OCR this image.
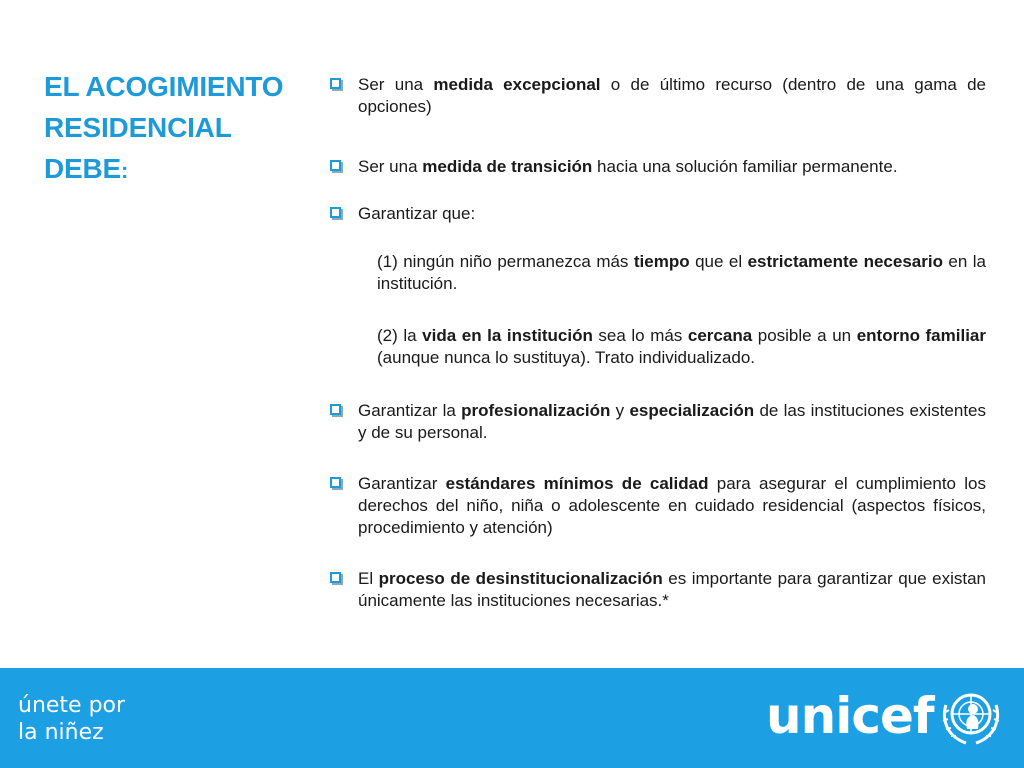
EL ACOGIMIENTO
RESIDENCIAL
DEBE:
Ser una medida excepcional o de último recurso (dentro de una gama de opciones)
Ser una medida de transición hacia una solución familiar permanente.
Garantizar que:
(1) ningún niño permanezca más tiempo que el estrictamente necesario en la institución.
(2) la vida en la institución sea lo más cercana posible a un entorno familiar (aunque nunca lo sustituya). Trato individualizado.
Garantizar la profesionalización y especialización de las instituciones existentes y de su personal.
Garantizar estándares mínimos de calidad para asegurar el cumplimiento los derechos del niño, niña o adolescente en cuidado residencial (aspectos físicos, procedimiento y atención)
El proceso de desinstitucionalización es importante para garantizar que existan únicamente las instituciones necesarias.*
únete por
la niñez	unicef
